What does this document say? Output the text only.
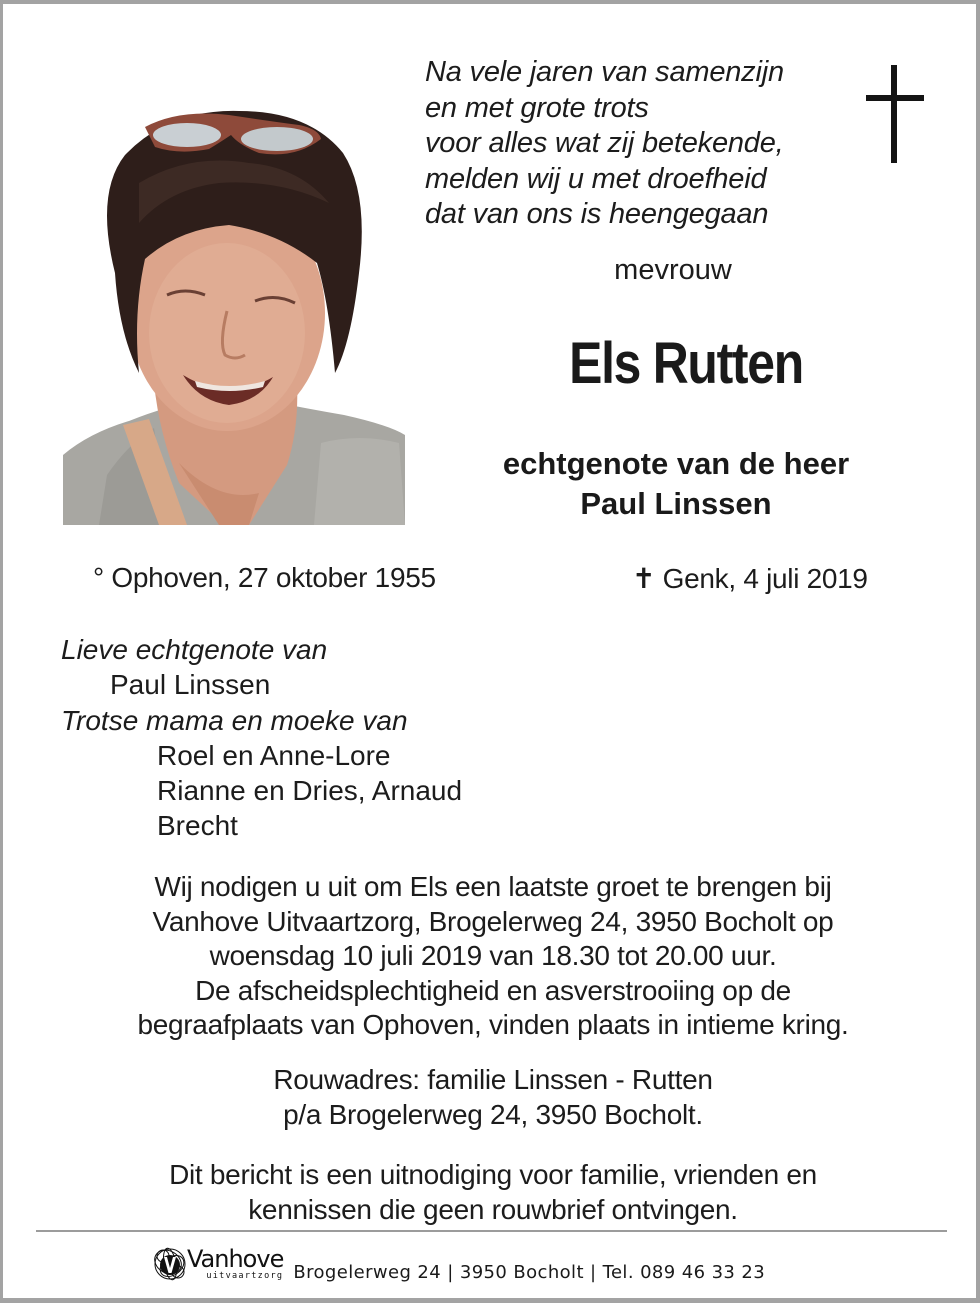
Na vele jaren van samenzijn
en met grote trots
voor alles wat zij betekende,
melden wij u met droefheid
dat van ons is heengegaan
mevrouw
Els Rutten
echtgenote van de heer
Paul Linssen
° Ophoven, 27 oktober 1955	✝ Genk, 4 juli 2019
Lieve echtgenote van
Paul Linssen
Trotse mama en moeke van
Roel en Anne-Lore
Rianne en Dries, Arnaud
Brecht
Wij nodigen u uit om Els een laatste groet te brengen bij
Vanhove Uitvaartzorg, Brogelerweg 24, 3950 Bocholt op
woensdag 10 juli 2019 van 18.30 tot 20.00 uur.
De afscheidsplechtigheid en asverstrooiing op de
begraafplaats van Ophoven, vinden plaats in intieme kring.
Rouwadres: familie Linssen - Rutten
p/a Brogelerweg 24, 3950 Bocholt.
Dit bericht is een uitnodiging voor familie, vrienden en
kennissen die geen rouwbrief ontvingen.
Vanhove
uitvaartzorg Brogelerweg 24 | 3950 Bocholt | Tel. 089 46 33 23
